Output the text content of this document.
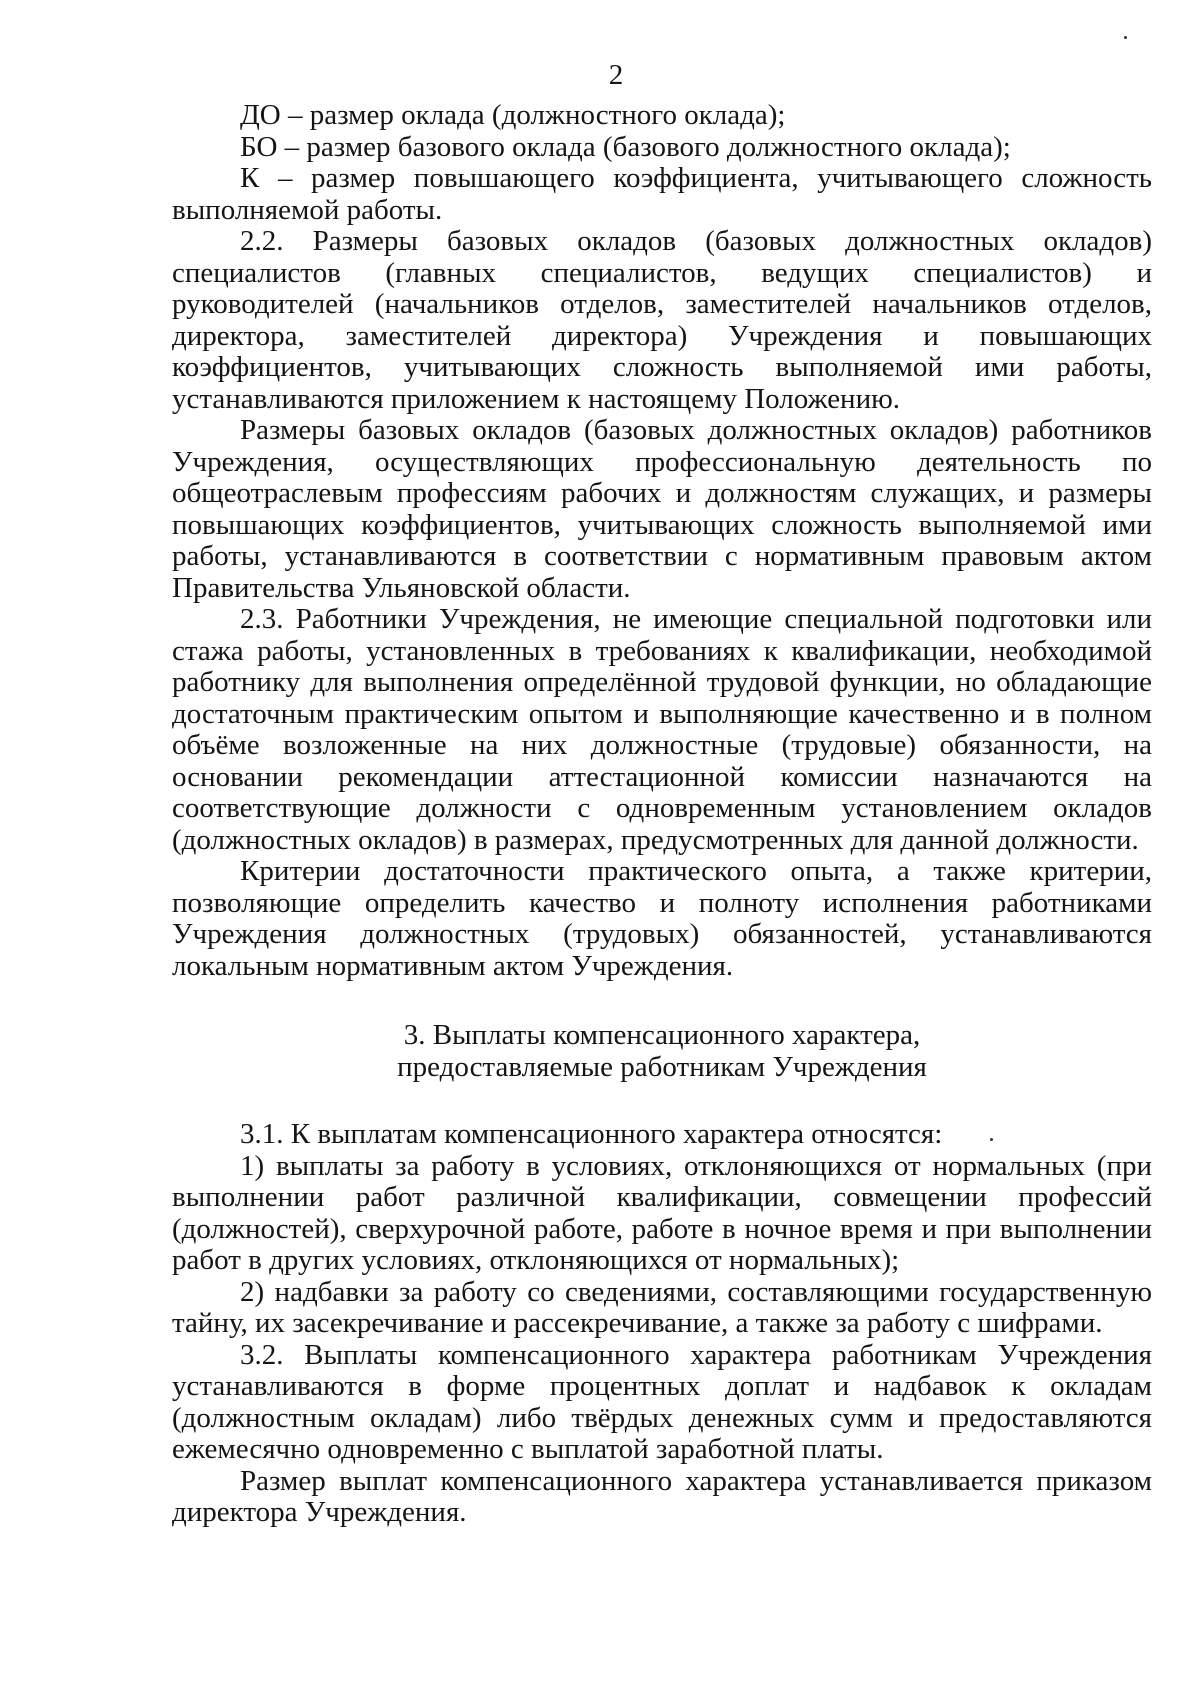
2

ДО – размер оклада (должностного оклада);

БО – размер базового оклада (базового должностного оклада);

К – размер повышающего коэффициента, учитывающего сложность выполняемой работы.

2.2. Размеры базовых окладов (базовых должностных окладов) специалистов (главных специалистов, ведущих специалистов) и руководителей (начальников отделов, заместителей начальников отделов, директора, заместителей директора) Учреждения и повышающих коэффициентов, учитывающих сложность выполняемой ими работы, устанавливаются приложением к настоящему Положению.

Размеры базовых окладов (базовых должностных окладов) работников Учреждения, осуществляющих профессиональную деятельность по общеотраслевым профессиям рабочих и должностям служащих, и размеры повышающих коэффициентов, учитывающих сложность выполняемой ими работы, устанавливаются в соответствии с нормативным правовым актом Правительства Ульяновской области.

2.3. Работники Учреждения, не имеющие специальной подготовки или стажа работы, установленных в требованиях к квалификации, необходимой работнику для выполнения определённой трудовой функции, но обладающие достаточным практическим опытом и выполняющие качественно и в полном объёме возложенные на них должностные (трудовые) обязанности, на основании рекомендации аттестационной комиссии назначаются на соответствующие должности с одновременным установлением окладов (должностных окладов) в размерах, предусмотренных для данной должности.

Критерии достаточности практического опыта, а также критерии, позволяющие определить качество и полноту исполнения работниками Учреждения должностных (трудовых) обязанностей, устанавливаются локальным нормативным актом Учреждения.

3. Выплаты компенсационного характера,
предоставляемые работникам Учреждения

3.1. К выплатам компенсационного характера относятся:

1) выплаты за работу в условиях, отклоняющихся от нормальных (при выполнении работ различной квалификации, совмещении профессий (должностей), сверхурочной работе, работе в ночное время и при выполнении работ в других условиях, отклоняющихся от нормальных);

2) надбавки за работу со сведениями, составляющими государственную тайну, их засекречивание и рассекречивание, а также за работу с шифрами.

3.2. Выплаты компенсационного характера работникам Учреждения устанавливаются в форме процентных доплат и надбавок к окладам (должностным окладам) либо твёрдых денежных сумм и предоставляются ежемесячно одновременно с выплатой заработной платы.

Размер выплат компенсационного характера устанавливается приказом директора Учреждения.
